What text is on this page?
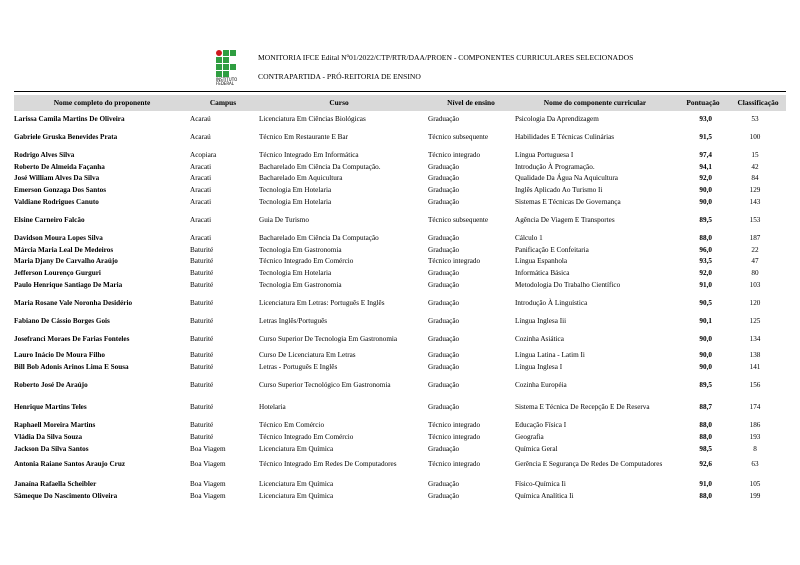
INSTITUTO FEDERAL
MONITORIA IFCE Edital Nº01/2022/CTP/RTR/DAA/PROEN - COMPONENTES CURRICULARES SELECIONADOS
CONTRAPARTIDA - PRÓ-REITORIA DE ENSINO
Nome completo do proponente	Campus	Curso	Nível de ensino	Nome do componente curricular	Pontuação	Classificação
Larissa Camila Martins De Oliveira	Acaraú	Licenciatura Em Ciências Biológicas	Graduação	Psicologia Da Aprendizagem	93,0	53
Gabriele Gruska Benevides Prata	Acaraú	Técnico Em Restaurante E Bar	Técnico subsequente	Habilidades E Técnicas Culinárias	91,5	100
Rodrigo Alves Silva	Acopiara	Técnico Integrado Em Informática	Técnico integrado	Língua Portuguesa I	97,4	15
Roberto De Almeida Façanha	Aracati	Bacharelado Em Ciência Da Computação.	Graduação	Introdução À Programação.	94,1	42
José William Alves Da Silva	Aracati	Bacharelado Em Aquicultura	Graduação	Qualidade Da Água Na Aquicultura	92,0	84
Emerson Gonzaga Dos Santos	Aracati	Tecnologia Em Hotelaria	Graduação	Inglês Aplicado Ao Turismo Ii	90,0	129
Valdiane Rodrigues Canuto	Aracati	Tecnologia Em Hotelaria	Graduação	Sistemas E Técnicas De Governança	90,0	143
Elsine Carneiro Falcão	Aracati	Guia De Turismo	Técnico subsequente	Agência De Viagem E Transportes	89,5	153
Davidson Moura Lopes Silva	Aracati	Bacharelado Em Ciência Da Computação	Graduação	Cálculo 1	88,0	187
Márcia Maria Leal De Medeiros	Baturité	Tecnologia Em Gastronomia	Graduação	Panificação E Confeitaria	96,0	22
Maria Djany De Carvalho Araújo	Baturité	Técnico Integrado Em Comércio	Técnico integrado	Língua Espanhola	93,5	47
Jefferson Lourenço Gurguri	Baturité	Tecnologia Em Hotelaria	Graduação	Informática Básica	92,0	80
Paulo Henrique Santiago De Maria	Baturité	Tecnologia Em Gastronomia	Graduação	Metodologia Do Trabalho Científico	91,0	103
Maria Rosane Vale Noronha Desidério	Baturité	Licenciatura Em Letras: Português E Inglês	Graduação	Introdução À Linguística	90,5	120
Fabiano De Cássio Borges Gois	Baturité	Letras Inglês/Português	Graduação	Língua Inglesa Iii	90,1	125
Josefranci Moraes De Farias Fonteles	Baturité	Curso Superior De Tecnologia Em Gastronomia	Graduação	Cozinha Asiática	90,0	134
Lauro Inácio De Moura Filho	Baturité	Curso De Licenciatura Em Letras	Graduação	Língua Latina - Latim Ii	90,0	138
Bill Bob Adonis Arinos Lima E Sousa	Baturité	Letras - Português E Inglês	Graduação	Língua Inglesa I	90,0	141
Roberto José De Araújo	Baturité	Curso Superior Tecnológico Em Gastronomia	Graduação	Cozinha Européia	89,5	156
Henrique Martins Teles	Baturité	Hotelaria	Graduação	Sistema E Técnica De Recepção E De Reserva	88,7	174
Raphaell Moreira Martins	Baturité	Técnico Em Comércio	Técnico integrado	Educação Física I	88,0	186
Vládia Da Silva Souza	Baturité	Técnico Integrado Em Comércio	Técnico integrado	Geografia	88,0	193
Jackson Da Silva Santos	Boa Viagem	Licenciatura Em Química	Graduação	Química Geral	98,5	8
Antonia Raiane Santos Araujo Cruz	Boa Viagem	Técnico Integrado Em Redes De Computadores	Técnico integrado	Gerência E Segurança De Redes De Computadores	92,6	63
Janaína Rafaella Scheibler	Boa Viagem	Licenciatura Em Química	Graduação	Físico-Química Ii	91,0	105
Sâmeque Do Nascimento Oliveira	Boa Viagem	Licenciatura Em Química	Graduação	Química Analítica Ii	88,0	199
